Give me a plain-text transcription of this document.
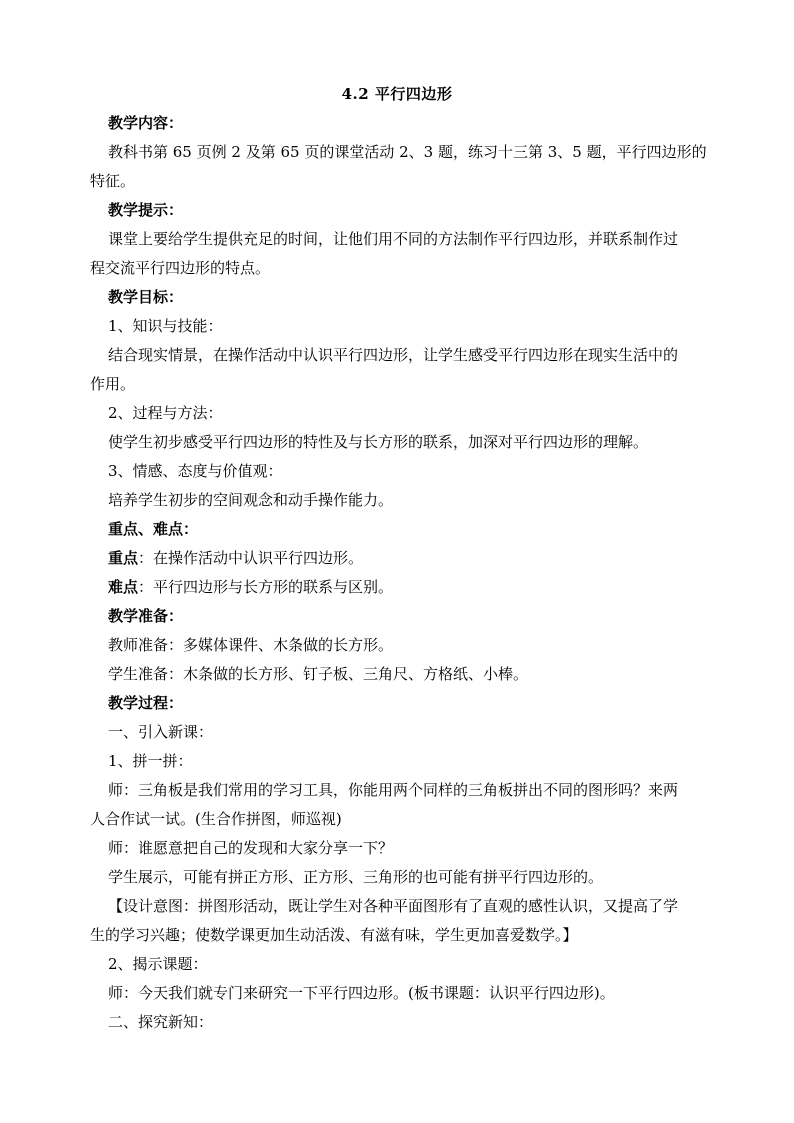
4.2 平行四边形
教学内容：
教科书第 65 页例 2 及第 65 页的课堂活动 2、3 题，练习十三第 3、5 题，平行四边形的
特征。
教学提示：
课堂上要给学生提供充足的时间，让他们用不同的方法制作平行四边形，并联系制作过
程交流平行四边形的特点。
教学目标：
1、知识与技能：
结合现实情景，在操作活动中认识平行四边形，让学生感受平行四边形在现实生活中的
作用。
2、过程与方法：
使学生初步感受平行四边形的特性及与长方形的联系，加深对平行四边形的理解。
3、情感、态度与价值观：
培养学生初步的空间观念和动手操作能力。
重点、难点：
重点：在操作活动中认识平行四边形。
难点：平行四边形与长方形的联系与区别。
教学准备：
教师准备：多媒体课件、木条做的长方形。
学生准备：木条做的长方形、钉子板、三角尺、方格纸、小棒。
教学过程：
一、引入新课：
1、拼一拼：
师：三角板是我们常用的学习工具，你能用两个同样的三角板拼出不同的图形吗？来两
人合作试一试。(生合作拼图，师巡视)
师：谁愿意把自己的发现和大家分享一下？
学生展示，可能有拼正方形、正方形、三角形的也可能有拼平行四边形的。
【设计意图：拼图形活动，既让学生对各种平面图形有了直观的感性认识，又提高了学
生的学习兴趣；使数学课更加生动活泼、有滋有味，学生更加喜爱数学。】
2、揭示课题：
师：今天我们就专门来研究一下平行四边形。(板书课题：认识平行四边形)。
二、探究新知：
